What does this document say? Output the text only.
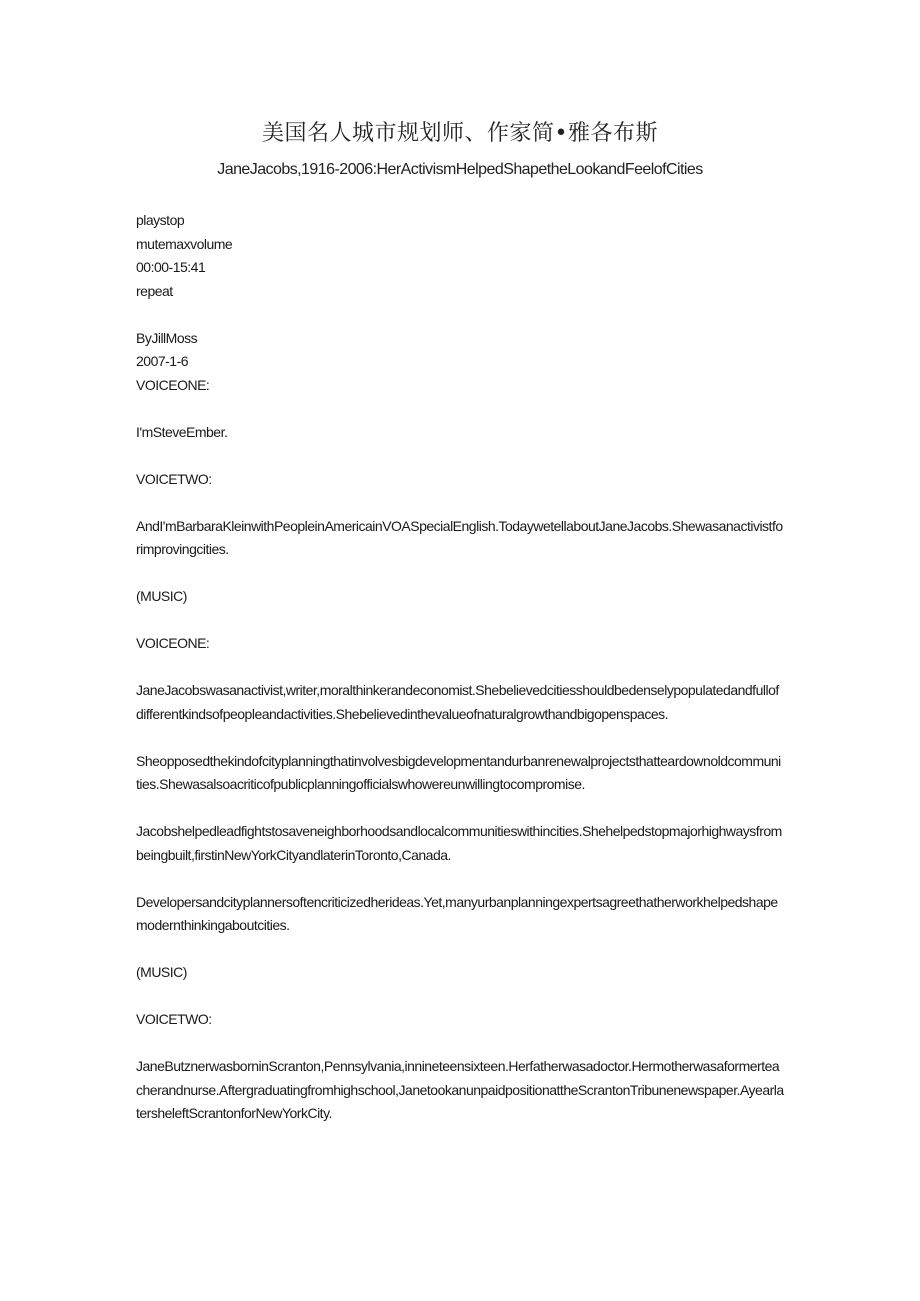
美国名人城市规划师、作家简•雅各布斯
JaneJacobs,1916-2006:HerActivismHelpedShapetheLookandFeelofCities
playstop
mutemaxvolume
00:00-15:41
repeat
ByJillMoss
2007-1-6
VOICEONE:
I'mSteveEmber.
VOICETWO:
AndI'mBarbaraKleinwithPeopleinAmericainVOASpecialEnglish.TodaywetellaboutJaneJacobs.Shewasanactivistforimprovingcities.
(MUSIC)
VOICEONE:
JaneJacobswasanactivist,writer,moralthinkerandeconomist.Shebelievedcitiesshouldbedenselypopulatedandfullofdifferentkindsofpeopleandactivities.Shebelievedinthevalueofnaturalgrowthandbigopenspaces.
Sheopposedthekindofcityplanningthatinvolvesbigdevelopmentandurbanrenewalprojectsthatteardownoldcommunities.Shewasalsoacriticofpublicplanningofficialswhowereunwillingtocompromise.
Jacobshelpedleadfightstosaveneighborhoodsandlocalcommunitieswithincities.Shehelpedstopmajorhighwaysfrombeingbuilt,firstinNewYorkCityandlaterinToronto,Canada.
Developersandcityplannersoftencriticizedherideas.Yet,manyurbanplanningexpertsagreethatherworkhelpedshapemodernthinkingaboutcities.
(MUSIC)
VOICETWO:
JaneButznerwasborninScranton,Pennsylvania,innineteensixteen.Herfatherwasadoctor.Hermotherwasaformerteacherandnurse.Aftergraduatingfromhighschool,JanetookanunpaidpositionattheScrantonTribunenewspaper.AyearlatersheleftScrantonforNewYorkCity.
